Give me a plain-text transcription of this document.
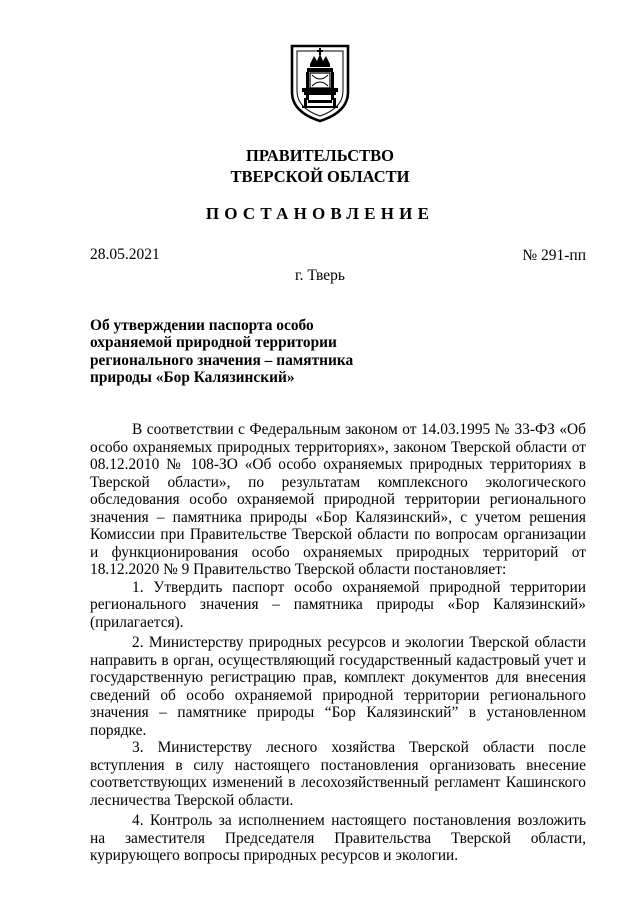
ПРАВИТЕЛЬСТВО
ТВЕРСКОЙ ОБЛАСТИ
ПОСТАНОВЛЕНИЕ
28.05.2021	№ 291-пп
г. Тверь
Об утверждении паспорта особо охраняемой природной территории регионального значения – памятника природы «Бор Калязинский»

В соответствии с Федеральным законом от 14.03.1995 № 33-ФЗ «Об особо охраняемых природных территориях», законом Тверской области от 08.12.2010 № 108-ЗО «Об особо охраняемых природных территориях в Тверской области», по результатам комплексного экологического обследования особо охраняемой природной территории регионального значения – памятника природы «Бор Калязинский», с учетом решения Комиссии при Правительстве Тверской области по вопросам организации и функционирования особо охраняемых природных территорий от 18.12.2020 № 9 Правительство Тверской области постановляет:

1. Утвердить паспорт особо охраняемой природной территории регионального значения – памятника природы «Бор Калязинский» (прилагается).

2. Министерству природных ресурсов и экологии Тверской области направить в орган, осуществляющий государственный кадастровый учет и государственную регистрацию прав, комплект документов для внесения сведений об особо охраняемой природной территории регионального значения – памятнике природы “Бор Калязинский” в установленном порядке.

3. Министерству лесного хозяйства Тверской области после вступления в силу настоящего постановления организовать внесение соответствующих изменений в лесохозяйственный регламент Кашинского лесничества Тверской области.

4. Контроль за исполнением настоящего постановления возложить на заместителя Председателя Правительства Тверской области, курирующего вопросы природных ресурсов и экологии.
